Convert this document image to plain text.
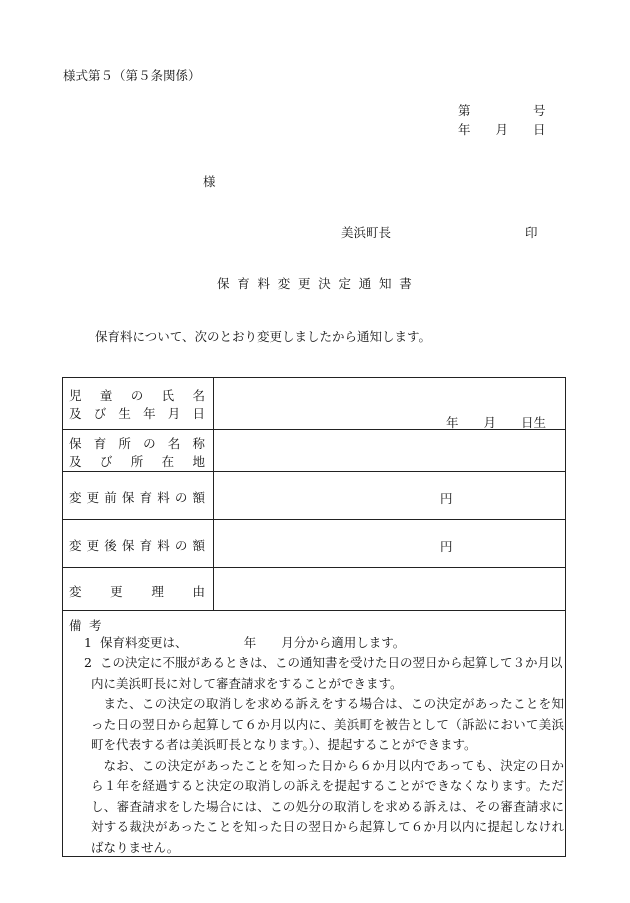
様式第５（第５条関係）
第　　　　　号
年　　月　　日
様
美浜町長	印
保育料変更決定通知書
保育料について、次のとおり変更しましたから通知します。
児 童 の 氏 名
及 び 生 年 月 日
保 育 所 の 名 称
及 び 所 在 地
変 更 前 保 育 料 の 額
変 更 後 保 育 料 の 額
変 更 理 由
年　　月　　日生
円
円
備考
1 保育料変更は、　　　　　年　　月分から適用します。

2 この決定に不服があるときは、この通知書を受けた日の翌日から起算して３か月以

内に美浜町長に対して審査請求をすることができます。

また、この決定の取消しを求める訴えをする場合は、この決定があったことを知った日の翌日から起算して６か月以内に、美浜町を被告として（訴訟において美浜町を代表する者は美浜町長となります。）、提起することができます。

なお、この決定があったことを知った日から６か月以内であっても、決定の日から１年を経過すると決定の取消しの訴えを提起することができなくなります。ただし、審査請求をした場合には、この処分の取消しを求める訴えは、その審査請求に対する裁決があったことを知った日の翌日から起算して６か月以内に提起しなければなりません。
